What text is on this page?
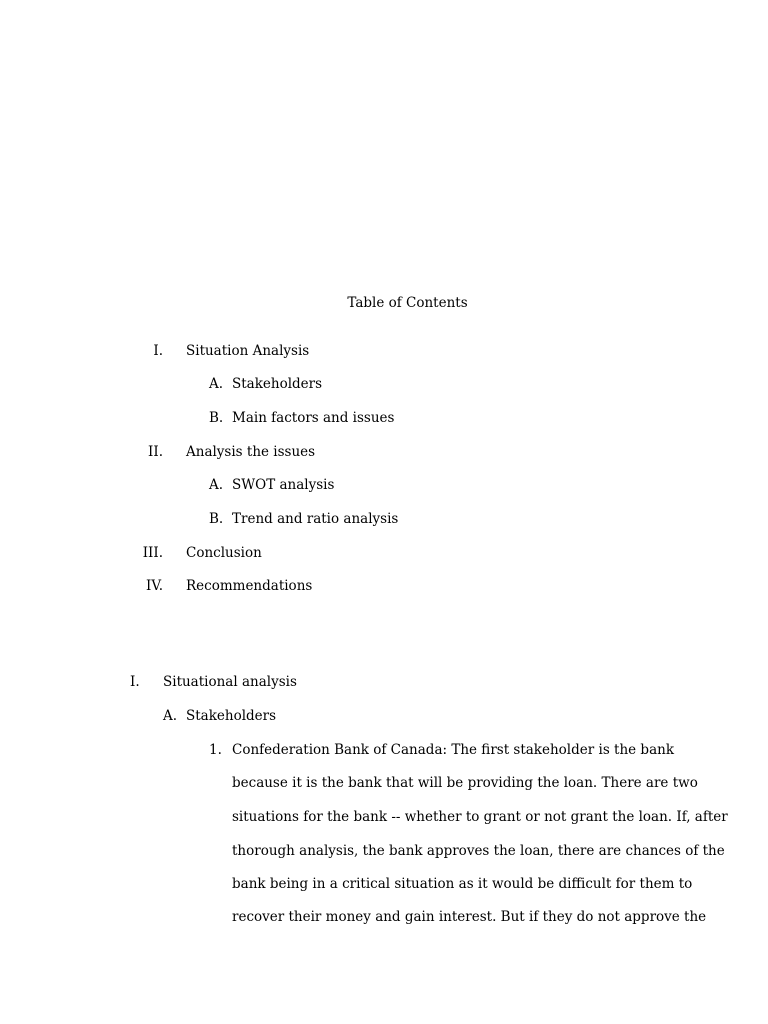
Table of Contents
I. Situation Analysis
A. Stakeholders
B. Main factors and issues
II. Analysis the issues
A. SWOT analysis
B. Trend and ratio analysis
III. Conclusion
IV. Recommendations
I. Situational analysis
A. Stakeholders
1. Confederation Bank of Canada: The first stakeholder is the bank
because it is the bank that will be providing the loan. There are two
situations for the bank -- whether to grant or not grant the loan. If, after
thorough analysis, the bank approves the loan, there are chances of the
bank being in a critical situation as it would be difficult for them to
recover their money and gain interest. But if they do not approve the
